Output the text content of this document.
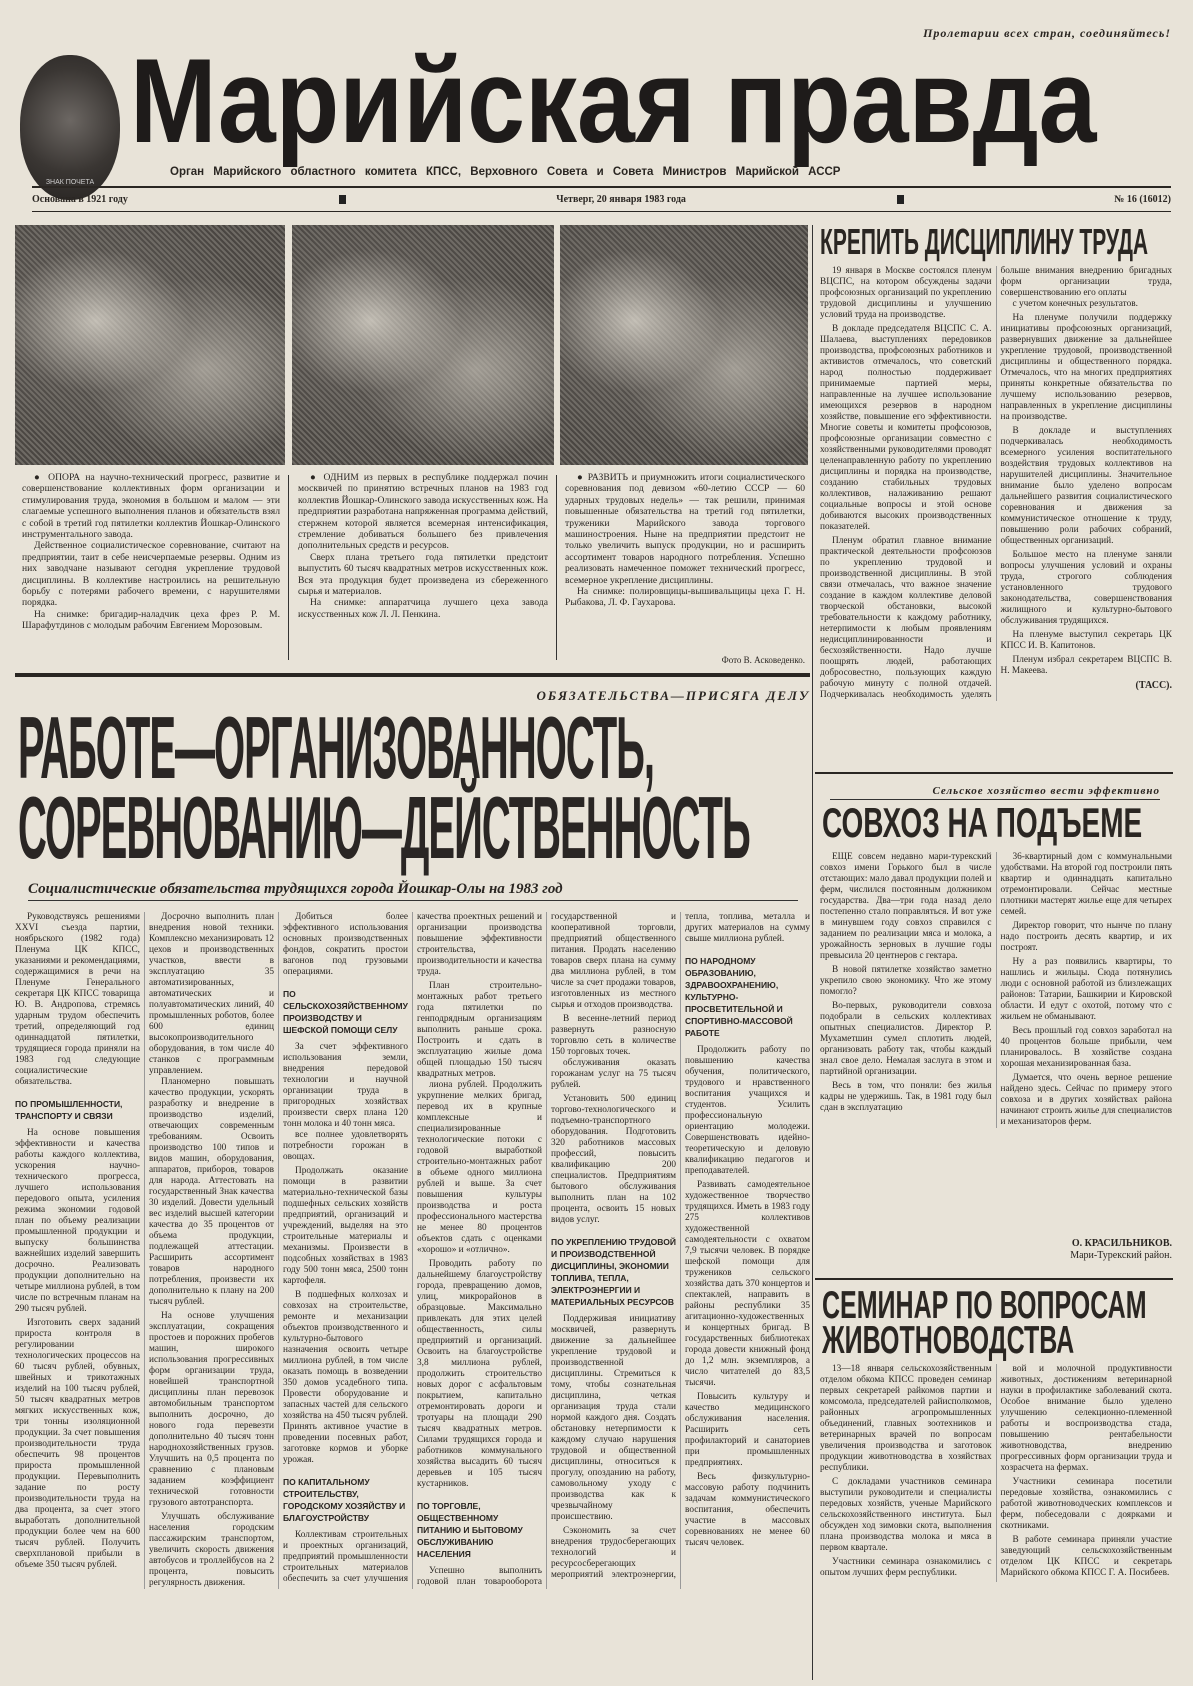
ЗНАК ПОЧЕТА
Пролетарии всех стран, соединяйтесь!
Марийская правда
Орган Марийского областного комитета КПСС, Верховного Совета и Совета Министров Марийской АССР
Основана в 1921 году	Четверг, 20 января 1983 года	№ 16 (16012)

● ОПОРА на научно-технический прогресс, развитие и совершенствование коллективных форм организации и стимулирования труда, экономия в большом и малом — эти слагаемые успешного выполнения планов и обязательств взял с собой в третий год пятилетки коллектив Йошкар-Олинского инструментального завода.

Действенное социалистическое соревнование, считают на предприятии, таит в себе неисчерпаемые резервы. Одним из них заводчане называют сегодня укрепление трудовой дисциплины. В коллективе настроились на решительную борьбу с потерями рабочего времени, с нарушителями порядка.

На снимке: бригадир-наладчик цеха фрез Р. М. Шарафутдинов с молодым рабочим Евгением Морозовым.

● ОДНИМ из первых в республике поддержал почин москвичей по принятию встречных планов на 1983 год коллектив Йошкар-Олинского завода искусственных кож. На предприятии разработана напряженная программа действий, стержнем которой является всемерная интенсификация, стремление добиваться большего без привлечения дополнительных средств и ресурсов.

Сверх плана третьего года пятилетки предстоит выпустить 60 тысяч квадратных метров искусственных кож. Вся эта продукция будет произведена из сбереженного сырья и материалов.

На снимке: аппаратчица лучшего цеха завода искусственных кож Л. Л. Пенкина.

● РАЗВИТЬ и приумножить итоги социалистического соревнования под девизом «60-летию СССР — 60 ударных трудовых недель» — так решили, принимая повышенные обязательства на третий год пятилетки, труженики Марийского завода торгового машиностроения. Ныне на предприятии предстоит не только увеличить выпуск продукции, но и расширить ассортимент товаров народного потребления. Успешно реализовать намеченное поможет технический прогресс, всемерное укрепление дисциплины.

На снимке: полировщицы-вышивальщицы цеха Г. Н. Рыбакова, Л. Ф. Гаухарова.

Фото В. Асковеденко.
ОБЯЗАТЕЛЬСТВА—ПРИСЯГА ДЕЛУ
РАБОТЕ—ОРГАНИЗОВАННОСТЬ,
СОРЕВНОВАНИЮ—ДЕЙСТВЕННОСТЬ
Социалистические обязательства трудящихся города Йошкар-Олы на 1983 год

Руководствуясь решениями XXVI съезда партии, ноябрьского (1982 года) Пленума ЦК КПСС, указаниями и рекомендациями, содержащимися в речи на Пленуме Генерального секретаря ЦК КПСС товарища Ю. В. Андропова, стремясь ударным трудом обеспечить третий, определяющий год одиннадцатой пятилетки, трудящиеся города приняли на 1983 год следующие социалистические обязательства.

ПО ПРОМЫШЛЕННОСТИ, ТРАНСПОРТУ И СВЯЗИ

На основе повышения эффективности и качества работы каждого коллектива, ускорения научно-технического прогресса, лучшего использования передового опыта, усиления режима экономии годовой план по объему реализации промышленной продукции и выпуску большинства важнейших изделий завершить досрочно. Реализовать продукции дополнительно на четыре миллиона рублей, в том числе по встречным планам на 290 тысяч рублей.

Изготовить сверх заданий прироста контроля в регулировании технологических процессов на 60 тысяч рублей, обувных, швейных и трикотажных изделий на 100 тысяч рублей, 50 тысяч квадратных метров мягких искусственных кож, три тонны изоляционной продукции. За счет повышения производительности труда обеспечить 98 процентов прироста промышленной продукции. Перевыполнить задание по росту производительности труда на два процента, за счет этого выработать дополнительной продукции более чем на 600 тысяч рублей. Получить сверхплановой прибыли в объеме 350 тысяч рублей.

Досрочно выполнить план внедрения новой техники. Комплексно механизировать 12 цехов и производственных участков, ввести в эксплуатацию 35 автоматизированных, автоматических и полуавтоматических линий, 40 промышленных роботов, более 600 единиц высокопроизводительного оборудования, в том числе 40 станков с программным управлением.

Планомерно повышать качество продукции, ускорять разработку и внедрение в производство изделий, отвечающих современным требованиям. Освоить производство 100 типов и видов машин, оборудования, аппаратов, приборов, товаров для народа. Аттестовать на государственный Знак качества 30 изделий. Довести удельный вес изделий высшей категории качества до 35 процентов от объема продукции, подлежащей аттестации. Расширить ассортимент товаров народного потребления, произвести их дополнительно к плану на 200 тысяч рублей.

На основе улучшения эксплуатации, сокращения простоев и порожних пробегов машин, широкого использования прогрессивных форм организации труда, новейшей транспортной дисциплины план перевозок автомобильным транспортом выполнить досрочно, до нового года перевезти дополнительно 40 тысяч тонн народнохозяйственных грузов. Улучшить на 0,5 процента по сравнению с плановым заданием коэффициент технической готовности грузового автотранспорта.

Улучшать обслуживание населения городским пассажирским транспортом, увеличить скорость движения автобусов и троллейбусов на 2 процента, повысить регулярность движения.

Добиться более эффективного использования основных производственных фондов, сократить простои вагонов под грузовыми операциями.

ПО СЕЛЬСКОХОЗЯЙСТВЕННОМУ ПРОИЗВОДСТВУ И ШЕФСКОЙ ПОМОЩИ СЕЛУ

За счет эффективного использования земли, внедрения передовой технологии и научной организации труда в пригородных хозяйствах произвести сверх плана 120 тонн молока и 40 тонн мяса.

все полнее удовлетворять потребности горожан в овощах.

Продолжать оказание помощи в развитии материально-технической базы подшефных сельских хозяйств предприятий, организаций и учреждений, выделяя на это строительные материалы и механизмы. Произвести в подсобных хозяйствах в 1983 году 500 тонн мяса, 2500 тонн картофеля.

В подшефных колхозах и совхозах на строительстве, ремонте и механизации объектов производственного и культурно-бытового назначения освоить четыре миллиона рублей, в том числе оказать помощь в возведении 350 домов усадебного типа. Провести оборудование и запасных частей для сельского хозяйства на 450 тысяч рублей. Принять активное участие в проведении посевных работ, заготовке кормов и уборке урожая.

ПО КАПИТАЛЬНОМУ СТРОИТЕЛЬСТВУ, ГОРОДСКОМУ ХОЗЯЙСТВУ И БЛАГОУСТРОЙСТВУ

Коллективам строительных и проектных организаций, предприятий промышленности строительных материалов обеспечить за счет улучшения качества проектных решений и организации производства повышение эффективности строительства, производительности и качества труда.

План строительно-монтажных работ третьего года пятилетки по генподрядным организациям выполнить раньше срока. Построить и сдать в эксплуатацию жилые дома общей площадью 150 тысяч квадратных метров.

лиона рублей. Продолжить укрупнение мелких бригад, перевод их в крупные комплексные и специализированные технологические потоки с годовой выработкой строительно-монтажных работ в объеме одного миллиона рублей и выше. За счет повышения культуры производства и роста профессионального мастерства не менее 80 процентов объектов сдать с оценками «хорошо» и «отлично».

Проводить работу по дальнейшему благоустройству города, превращению домов, улиц, микрорайонов в образцовые. Максимально привлекать для этих целей общественность, силы предприятий и организаций. Освоить на благоустройстве 3,8 миллиона рублей, продолжить строительство новых дорог с асфальтовым покрытием, капитально отремонтировать дороги и тротуары на площади 290 тысяч квадратных метров. Силами трудящихся города и работников коммунального хозяйства высадить 60 тысяч деревьев и 105 тысяч кустарников.

ПО ТОРГОВЛЕ, ОБЩЕСТВЕННОМУ ПИТАНИЮ И БЫТОВОМУ ОБСЛУЖИВАНИЮ НАСЕЛЕНИЯ

Успешно выполнить годовой план товарооборота государственной и кооперативной торговли, предприятий общественного питания. Продать населению товаров сверх плана на сумму два миллиона рублей, в том числе за счет продажи товаров, изготовленных из местного сырья и отходов производства.

В весенне-летний период развернуть разносную торговлю сеть в количестве 150 торговых точек.

обслуживания оказать горожанам услуг на 75 тысяч рублей.

Установить 500 единиц торгово-технологического и подъемно-транспортного оборудования. Подготовить 320 работников массовых профессий, повысить квалификацию 200 специалистов. Предприятиям бытового обслуживания выполнить план на 102 процента, освоить 15 новых видов услуг.

ПО УКРЕПЛЕНИЮ ТРУДОВОЙ И ПРОИЗВОДСТВЕННОЙ ДИСЦИПЛИНЫ, ЭКОНОМИИ ТОПЛИВА, ТЕПЛА, ЭЛЕКТРОЭНЕРГИИ И МАТЕРИАЛЬНЫХ РЕСУРСОВ

Поддерживая инициативу москвичей, развернуть движение за дальнейшее укрепление трудовой и производственной дисциплины. Стремиться к тому, чтобы сознательная дисциплина, четкая организация труда стали нормой каждого дня. Создать обстановку нетерпимости к каждому случаю нарушения трудовой и общественной дисциплины, относиться к прогулу, опозданию на работу, самовольному уходу с производства как к чрезвычайному происшествию.

Сэкономить за счет внедрения трудосберегающих технологий и ресурсосберегающих мероприятий электроэнергии, тепла, топлива, металла и других материалов на сумму свыше миллиона рублей.

ПО НАРОДНОМУ ОБРАЗОВАНИЮ, ЗДРАВООХРАНЕНИЮ, КУЛЬТУРНО-ПРОСВЕТИТЕЛЬНОЙ И СПОРТИВНО-МАССОВОЙ РАБОТЕ

Продолжить работу по повышению качества обучения, политического, трудового и нравственного воспитания учащихся и студентов. Усилить профессиональную ориентацию молодежи. Совершенствовать идейно-теоретическую и деловую квалификацию педагогов и преподавателей.

Развивать самодеятельное художественное творчество трудящихся. Иметь в 1983 году 275 коллективов художественной самодеятельности с охватом 7,9 тысячи человек. В порядке шефской помощи для тружеников сельского хозяйства дать 370 концертов и спектаклей, направить в районы республики 35 агитационно-художественных и концертных бригад. В государственных библиотеках города довести книжный фонд до 1,2 млн. экземпляров, а число читателей до 83,5 тысячи.

Повысить культуру и качество медицинского обслуживания населения. Расширить сеть профилакторий и санаториев при промышленных предприятиях.

Весь физкультурно-массовую работу подчинить задачам коммунистического воспитания, обеспечить участие в массовых соревнованиях не менее 60 тысяч человек.

КРЕПИТЬ ДИСЦИПЛИНУ ТРУДА

19 января в Москве состоялся пленум ВЦСПС, на котором обсуждены задачи профсоюзных организаций по укреплению трудовой дисциплины и улучшению условий труда на производстве.

В докладе председателя ВЦСПС С. А. Шалаева, выступлениях передовиков производства, профсоюзных работников и активистов отмечалось, что советский народ полностью поддерживает принимаемые партией меры, направленные на лучшее использование имеющихся резервов в народном хозяйстве, повышение его эффективности. Многие советы и комитеты профсоюзов, профсоюзные организации совместно с хозяйственными руководителями проводят целенаправленную работу по укреплению дисциплины и порядка на производстве, созданию стабильных трудовых коллективов, налаживанию решают социальные вопросы и этой основе добиваются высоких производственных показателей.

Пленум обратил главное внимание практической деятельности профсоюзов по укреплению трудовой и производственной дисциплины. В этой связи отмечалась, что важное значение создание в каждом коллективе деловой творческой обстановки, высокой требовательности к каждому работнику, нетерпимости к любым проявлениям недисциплинированности и бесхозяйственности. Надо лучше поощрять людей, работающих добросовестно, пользующих каждую рабочую минуту с полной отдачей. Подчеркивалась необходимость уделять больше внимания внедрению бригадных форм организации труда, совершенствованию его оплаты

с учетом конечных результатов.

На пленуме получили поддержку инициативы профсоюзных организаций, развернувших движение за дальнейшее укрепление трудовой, производственной дисциплины и общественного порядка. Отмечалось, что на многих предприятиях приняты конкретные обязательства по лучшему использованию резервов, направленных в укрепление дисциплины на производстве.

В докладе и выступлениях подчеркивалась необходимость всемерного усиления воспитательного воздействия трудовых коллективов на нарушителей дисциплины. Значительное внимание было уделено вопросам дальнейшего развития социалистического соревнования и движения за коммунистическое отношение к труду, повышению роли рабочих собраний, общественных организаций.

Большое место на пленуме заняли вопросы улучшения условий и охраны труда, строгого соблюдения установленного трудового законодательства, совершенствования жилищного и культурно-бытового обслуживания трудящихся.

На пленуме выступил секретарь ЦК КПСС И. В. Капитонов.

Пленум избрал секретарем ВЦСПС В. Н. Макеева.

(ТАСС).
Сельское хозяйство вести эффективно
СОВХОЗ НА ПОДЪЕМЕ

ЕЩЕ совсем недавно мари-турекский совхоз имени Горького был в числе отстающих: мало давал продукции полей и ферм, числился постоянным должником государства. Два—три года назад дело постепенно стало поправляться. И вот уже в минувшем году совхоз справился с заданием по реализации мяса и молока, а урожайность зерновых в лучшие годы превысила 20 центнеров с гектара.

В новой пятилетке хозяйство заметно укрепило свою экономику. Что же этому помогло?

Во-первых, руководители совхоза подобрали в сельских коллективах опытных специалистов. Директор Р. Мухаметшин сумел сплотить людей, организовать работу так, чтобы каждый знал свое дело. Немалая заслуга в этом и партийной организации.

Весь в том, что поняли: без жилья кадры не удержишь. Так, в 1981 году был сдан в эксплуатацию

36-квартирный дом с коммунальными удобствами. На второй год построили пять квартир и одиннадцать капитально отремонтировали. Сейчас местные плотники мастерят жилье еще для четырех семей.

Директор говорит, что нынче по плану надо построить десять квартир, и их построят.

Ну а раз появились квартиры, то нашлись и жильцы. Сюда потянулись люди с основной работой из близлежащих районов: Татарии, Башкирии и Кировской области. И едут с охотой, потому что с жильем не обманывают.

Весь прошлый год совхоз заработал на 40 процентов больше прибыли, чем планировалось. В хозяйстве создана хорошая механизированная база.

Думается, что очень верное решение найдено здесь. Сейчас по примеру этого совхоза и в других хозяйствах района начинают строить жилье для специалистов и механизаторов ферм.

О. КРАСИЛЬНИКОВ.
Мари-Турекский район.
СЕМИНАР ПО ВОПРОСАМ
ЖИВОТНОВОДСТВА

13—18 января сельскохозяйственным отделом обкома КПСС проведен семинар первых секретарей райкомов партии и комсомола, председателей райисполкомов, районных агропромышленных объединений, главных зоотехников и ветеринарных врачей по вопросам увеличения производства и заготовок продукции животноводства в хозяйствах республики.

С докладами участников семинара выступили руководители и специалисты передовых хозяйств, ученые Марийского сельскохозяйственного института. Был обсужден ход зимовки скота, выполнения плана производства молока и мяса в первом квартале.

Участники семинара ознакомились с опытом лучших ферм республики.

вой и молочной продуктивности животных, достижениям ветеринарной науки в профилактике заболеваний скота. Особое внимание было уделено улучшению селекционно-племенной работы и воспроизводства стада, повышению рентабельности животноводства, внедрению прогрессивных форм организации труда и хозрасчета на фермах.

Участники семинара посетили передовые хозяйства, ознакомились с работой животноводческих комплексов и ферм, побеседовали с доярками и скотниками.

В работе семинара приняли участие заведующий сельскохозяйственным отделом ЦК КПСС и секретарь Марийского обкома КПСС Г. А. Посибеев.
